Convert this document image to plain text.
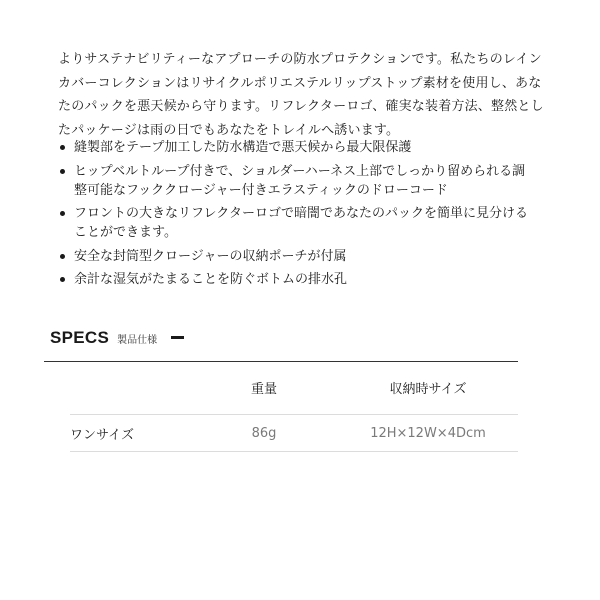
よりサステナビリティーなアプローチの防水プロテクションです。私たちのレインカバーコレクションはリサイクルポリエステルリップストップ素材を使用し、あなたのパックを悪天候から守ります。リフレクターロゴ、確実な装着方法、整然としたパッケージは雨の日でもあなたをトレイルへ誘います。

縫製部をテープ加工した防水構造で悪天候から最大限保護
ヒップベルトループ付きで、ショルダーハーネス上部でしっかり留められる調整可能なフッククロージャー付きエラスティックのドローコード
フロントの大きなリフレクターロゴで暗闇であなたのパックを簡単に見分けることができます。
安全な封筒型クロージャーの収納ポーチが付属
余計な湿気がたまることを防ぐボトムの排水孔
SPECS 製品仕様
	重量	収納時サイズ
ワンサイズ	86g	12H×12W×4Dcm
